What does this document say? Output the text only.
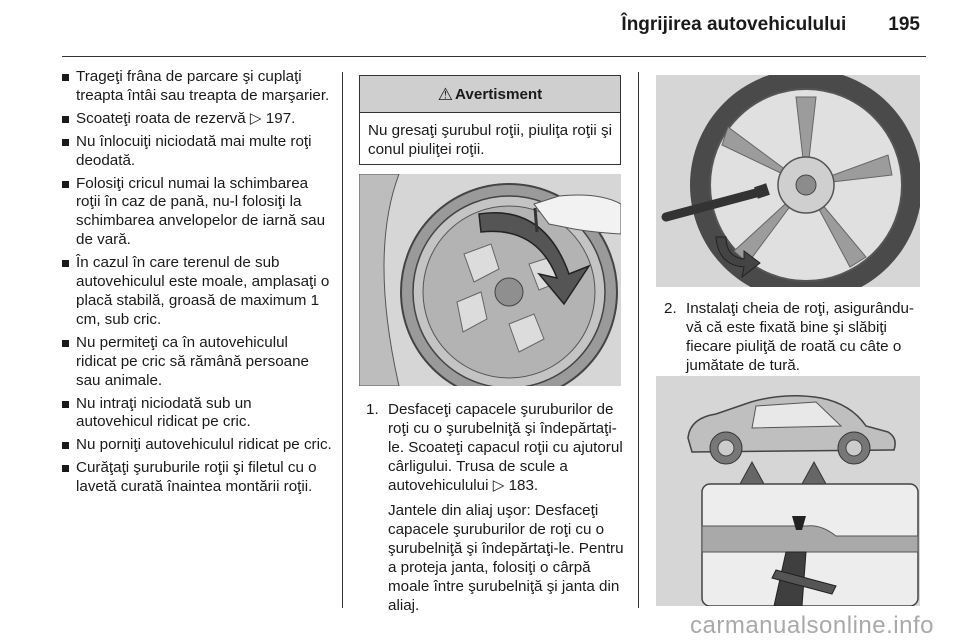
Îngrijirea autovehiculului 195
Trageţi frâna de parcare şi cuplaţi treapta întâi sau treapta de marşarier.
Scoateţi roata de rezervă ▷ 197.
Nu înlocuiţi niciodată mai multe roţi deodată.
Folosiţi cricul numai la schimbarea roţii în caz de pană, nu-l folosiţi la schimbarea anvelopelor de iarnă sau de vară.
În cazul în care terenul de sub autovehiculul este moale, amplasaţi o placă stabilă, groasă de maximum 1 cm, sub cric.
Nu permiteţi ca în autovehiculul ridicat pe cric să rămână persoane sau animale.
Nu intraţi niciodată sub un autovehicul ridicat pe cric.
Nu porniţi autovehiculul ridicat pe cric.
Curăţaţi şuruburile roţii şi filetul cu o lavetă curată înaintea montării roţii.
⚠ Avertisment
Nu gresaţi şurubul roţii, piuliţa roţii şi conul piuliţei roţii.
1. Desfaceţi capacele şuruburilor de roţi cu o şurubelniţă şi îndepărtaţi-le. Scoateţi capacul roţii cu ajutorul cârligului. Trusa de scule a autovehiculului ▷ 183.

Jantele din aliaj uşor: Desfaceţi capacele şuruburilor de roţi cu o şurubelniţă şi îndepărtaţi-le. Pentru a proteja janta, folosiţi o cârpă moale între şurubelniţă şi janta din aliaj.

2. Instalaţi cheia de roţi, asigurându-vă că este fixată bine şi slăbiţi fiecare piuliţă de roată cu câte o jumătate de tură.

carmanualsonline.info
